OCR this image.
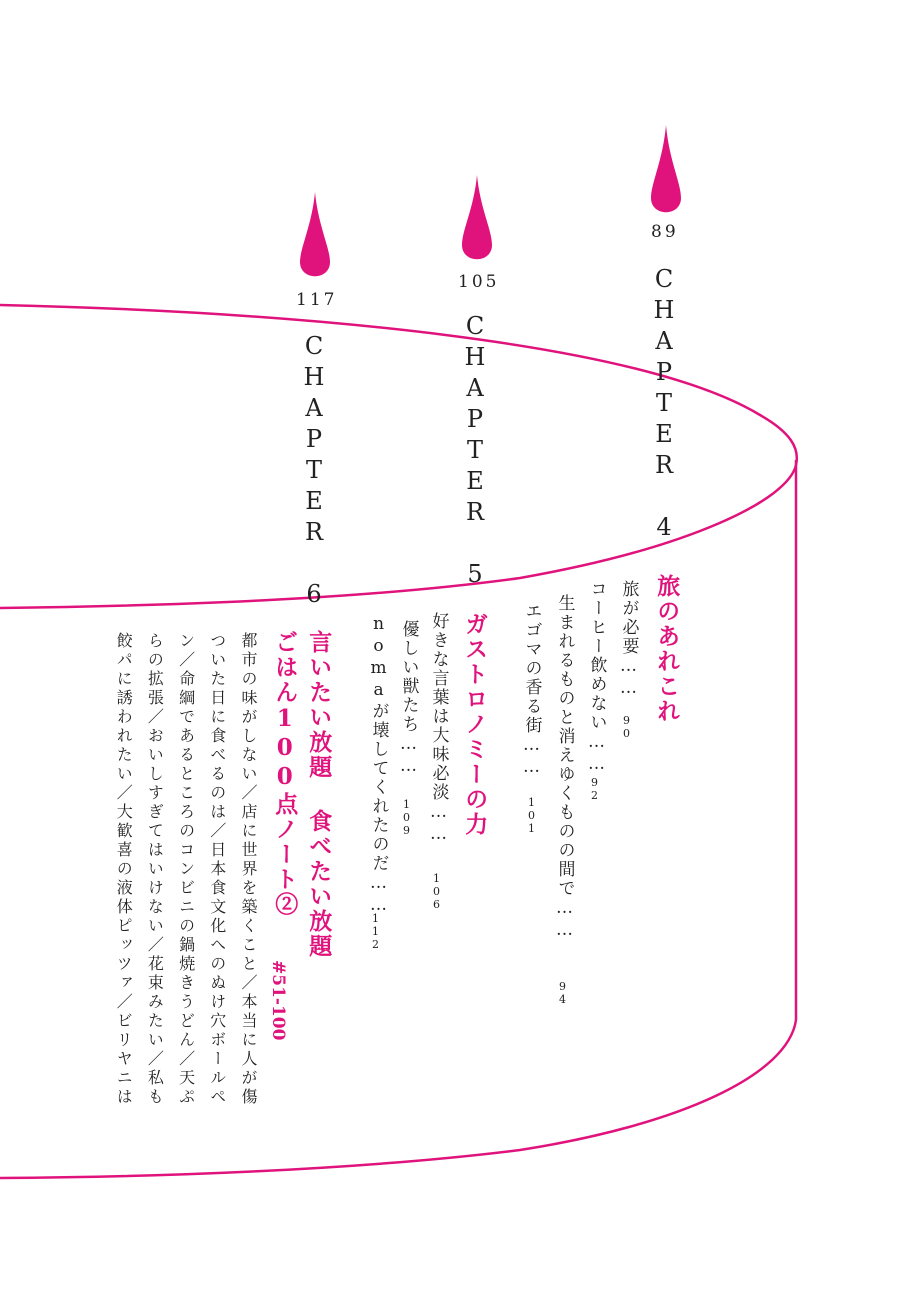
89
CHAPTER 4
105
CHAPTER 5
117
CHAPTER 6
旅のあれこれ
旅が必要……
90
コーヒー飲めない……
92
生まれるものと消えゆくものの間で……
94
エゴマの香る街……
101
ガストロノミーの力
好きな言葉は大味必淡……
106
優しい獣たち……
109
nomaが壊してくれたのだ……
112
言いたい放題 食べたい放題
ごはん100点ノート②
#51-100
都市の味がしない／店に世界を築くこと／本当に人が傷
ついた日に食べるのは／日本食文化へのぬけ穴ボールペ
ン／命綱であるところのコンビニの鍋焼きうどん／天ぷ
らの拡張／おいしすぎてはいけない／花束みたい／私も
餃パに誘われたい／大歓喜の液体ピッツァ／ビリヤニは
